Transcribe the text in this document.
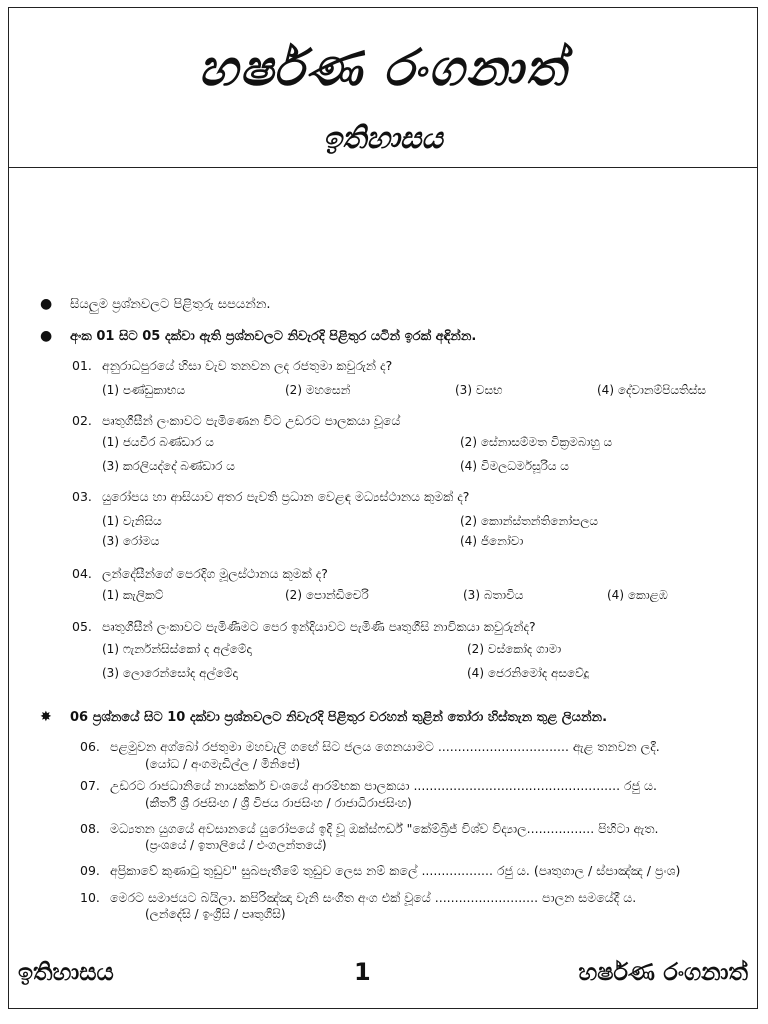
හර්ෂණ රංගනාත්
ඉතිහාසය
● සියලුම ප්‍රශ්නවලට පිළිතුරු සපයන්න.
● අංක 01 සිට 05 දක්වා ඇති ප්‍රශ්නවලට නිවැරදි පිළිතුර යටින් ඉරක් අඳින්න.
01. අනුරාධපුරයේ හිසා වැව තනවන ලද රජතුමා කවුරුන් ද?
(1) පණ්ඩුකාභය	(2) මහසෙන්	(3) වසභ	(4) දේවානම්පියතිස්ස
02. පෘතුගීසීන් ලංකාවට පැමිණෙන විට උඩරට පාලකයා වූයේ
(1) ජයවීර බණ්ඩාර ය	(2) සේනාසම්මත වික්‍රමබාහු ය
(3) කරලියද්දේ බණ්ඩාර ය	(4) විමලධර්මසූරිය ය
03. යුරෝපය හා ආසියාව අතර පැවති ප්‍රධාන වෙළඳ මධ්‍යස්ථානය කුමක් ද?
(1) වැනිසිය	(2) කොන්ස්තන්තිනෝපලය
(3) රෝමය	(4) ජිනෝවා
04. ලන්දේසීන්ගේ පෙරදිග මූලස්ථානය කුමක් ද?
(1) කැලිකට්	(2) පොන්ඩිචෙරි	(3) බතාවිය	(4) කොළඹ
05. පෘතුගීසීන් ලංකාවට පැමිණීමට පෙර ඉන්දියාවට පැමිණි පෘතුගීසි නාවිකයා කවුරුන්ද?
(1) ෆැර්නන්සිස්කෝ ද අල්මේදා	(2) වස්කෝද ගාමා
(3) ලොරෙන්සෝද අල්මේදා	(4) ජෙරනිමෝද අසවේදූ
✸ 06 ප්‍රශ්නයේ සිට 10 දක්වා ප්‍රශ්නවලට නිවැරදි පිළිතුර වරහන් තුළින් තෝරා හිස්තැන තුළ ලියන්න.
06. පළමුවන අග්බෝ රජතුමා මහවැලි ගඟේ සිට ජලය ගෙනයාමට ................................. ඇළ තනවන ලදී.
(යෝධ / අංගමැඩිල්ල / මිනිපේ)
07. උඩරට රාජධානියේ නායක්කර් වංශයේ ආරම්භක පාලකයා .................................................... රජු ය.
(කීර්ති ශ්‍රී රජසිංහ / ශ්‍රී විජය රාජසිංහ / රාජාධිරාජසිංහ)
08. මධ්‍යතන යුගයේ අවසානයේ යුරෝපයේ ඉදි වූ ඔක්ස්ෆර්ඩ් "කේම්බ්‍රිජ් විශ්ව විද්‍යාල................. පිහිටා ඇත.
(ප්‍රංශයේ / ඉතාලියේ / එංගලන්තයේ)
09. අප්‍රිකාවේ කුණාටු තුඩුව" සුබපැතීමේ තුඩුව ලෙස නම් කලේ .................. රජු ය. (පෘතුගාල / ස්පාඤ්ඤ / ප්‍රංශ)
10. මෙරට සමාජයට බයිලා. කපිරිඤ්ඤා වැනි සංගීත අංග එක් වූයේ .......................... පාලන සමයේදී ය.
(ලන්දේසි / ඉංග්‍රීසි / පෘතුගීසි)
ඉතිහාසය	1	හර්ෂණ රංගනාත්
